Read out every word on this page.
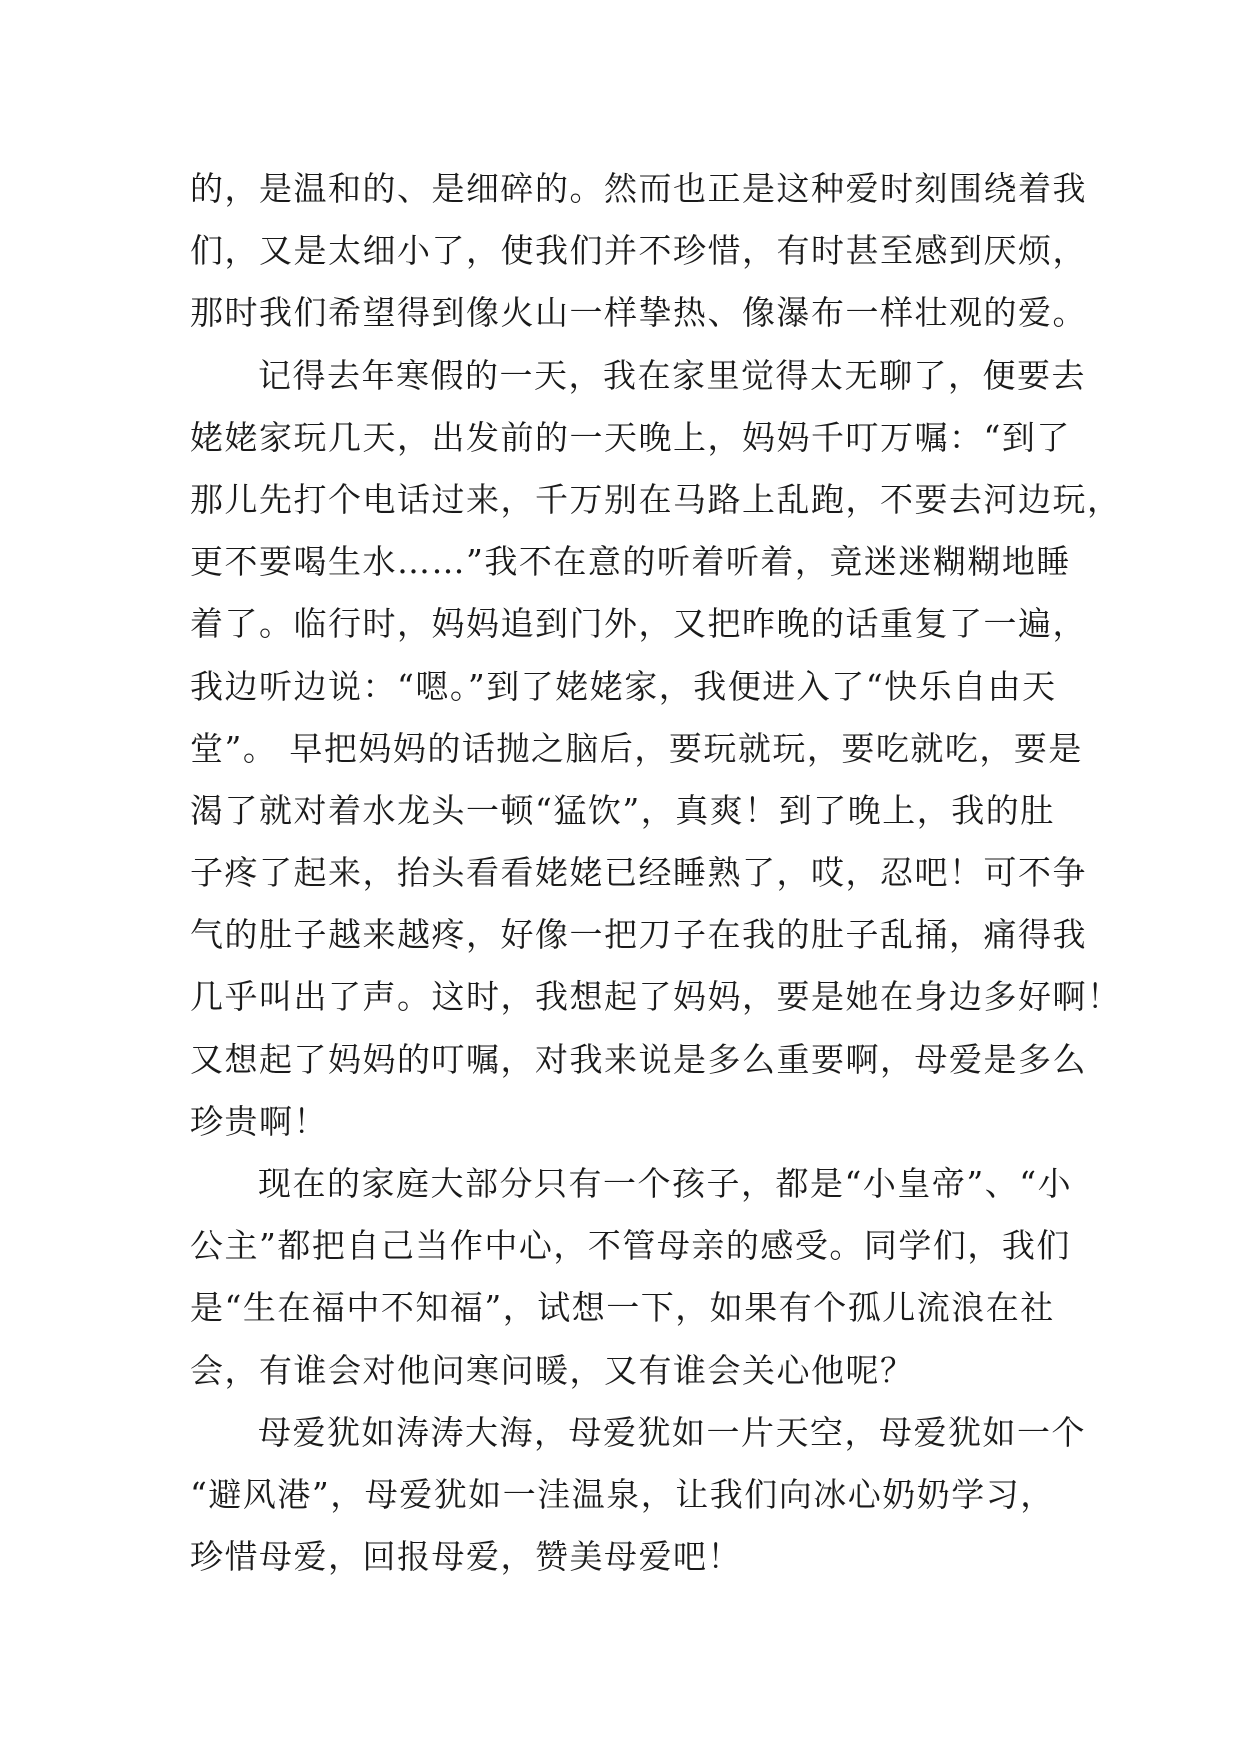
的，是温和的、是细碎的。然而也正是这种爱时刻围绕着我
们，又是太细小了，使我们并不珍惜，有时甚至感到厌烦，
那时我们希望得到像火山一样挚热、像瀑布一样壮观的爱。
记得去年寒假的一天，我在家里觉得太无聊了，便要去
姥姥家玩几天，出发前的一天晚上，妈妈千叮万嘱：“到了
那儿先打个电话过来，千万别在马路上乱跑，不要去河边玩，
更不要喝生水……”我不在意的听着听着，竟迷迷糊糊地睡
着了。临行时，妈妈追到门外，又把昨晚的话重复了一遍，
我边听边说：“嗯。”到了姥姥家，我便进入了“快乐自由天
堂”。 早把妈妈的话抛之脑后，要玩就玩，要吃就吃，要是
渴了就对着水龙头一顿“猛饮”，真爽！到了晚上，我的肚
子疼了起来，抬头看看姥姥已经睡熟了，哎，忍吧！可不争
气的肚子越来越疼，好像一把刀子在我的肚子乱捅，痛得我
几乎叫出了声。这时，我想起了妈妈，要是她在身边多好啊！
又想起了妈妈的叮嘱，对我来说是多么重要啊，母爱是多么
珍贵啊！
现在的家庭大部分只有一个孩子，都是“小皇帝”、“小
公主”都把自己当作中心，不管母亲的感受。同学们，我们
是“生在福中不知福”，试想一下，如果有个孤儿流浪在社
会，有谁会对他问寒问暖，又有谁会关心他呢？
母爱犹如涛涛大海，母爱犹如一片天空，母爱犹如一个
“避风港”，母爱犹如一洼温泉，让我们向冰心奶奶学习，
珍惜母爱，回报母爱，赞美母爱吧！
